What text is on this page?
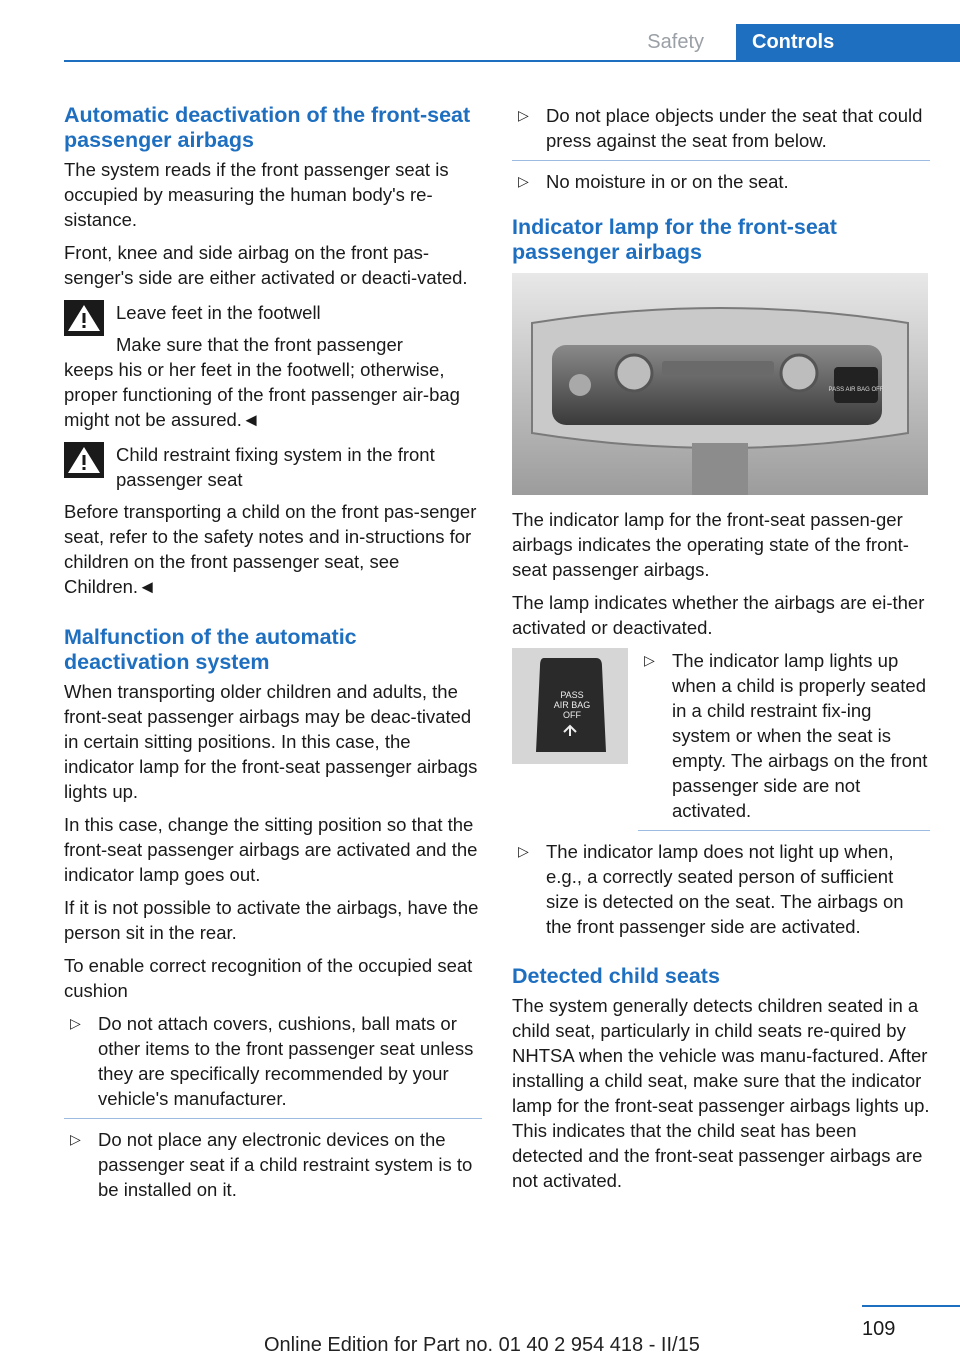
Safety	Controls
Automatic deactivation of the front-seat passenger airbags

The system reads if the front passenger seat is occupied by measuring the human body's re-sistance.

Front, knee and side airbag on the front pas-senger's side are either activated or deacti-vated.

Leave feet in the footwell
Make sure that the front passenger
keeps his or her feet in the footwell; otherwise, proper functioning of the front passenger air-bag might not be assured.◄
Child restraint fixing system in the front passenger seat
Before transporting a child on the front pas-senger seat, refer to the safety notes and in-structions for children on the front passenger seat, see Children.◄
Malfunction of the automatic deactivation system

When transporting older children and adults, the front-seat passenger airbags may be deac-tivated in certain sitting positions. In this case, the indicator lamp for the front-seat passenger airbags lights up.

In this case, change the sitting position so that the front-seat passenger airbags are activated and the indicator lamp goes out.

If it is not possible to activate the airbags, have the person sit in the rear.

To enable correct recognition of the occupied seat cushion

▷ Do not attach covers, cushions, ball mats or other items to the front passenger seat unless they are specifically recommended by your vehicle's manufacturer.
▷ Do not place any electronic devices on the passenger seat if a child restraint system is to be installed on it.
▷ Do not place objects under the seat that could press against the seat from below.
▷ No moisture in or on the seat.
Indicator lamp for the front-seat passenger airbags
PASS AIR BAG OFF

The indicator lamp for the front-seat passen-ger airbags indicates the operating state of the front-seat passenger airbags.

The lamp indicates whether the airbags are ei-ther activated or deactivated.

PASS
AIR BAG
OFF
▷ The indicator lamp lights up when a child is properly seated in a child restraint fix-ing system or when the seat is empty. The airbags on the front passenger side are not activated.
▷ The indicator lamp does not light up when, e.g., a correctly seated person of sufficient size is detected on the seat. The airbags on the front passenger side are activated.
Detected child seats

The system generally detects children seated in a child seat, particularly in child seats re-quired by NHTSA when the vehicle was manu-factured. After installing a child seat, make sure that the indicator lamp for the front-seat passenger airbags lights up. This indicates that the child seat has been detected and the front-seat passenger airbags are not activated.

109
Online Edition for Part no. 01 40 2 954 418 - II/15
